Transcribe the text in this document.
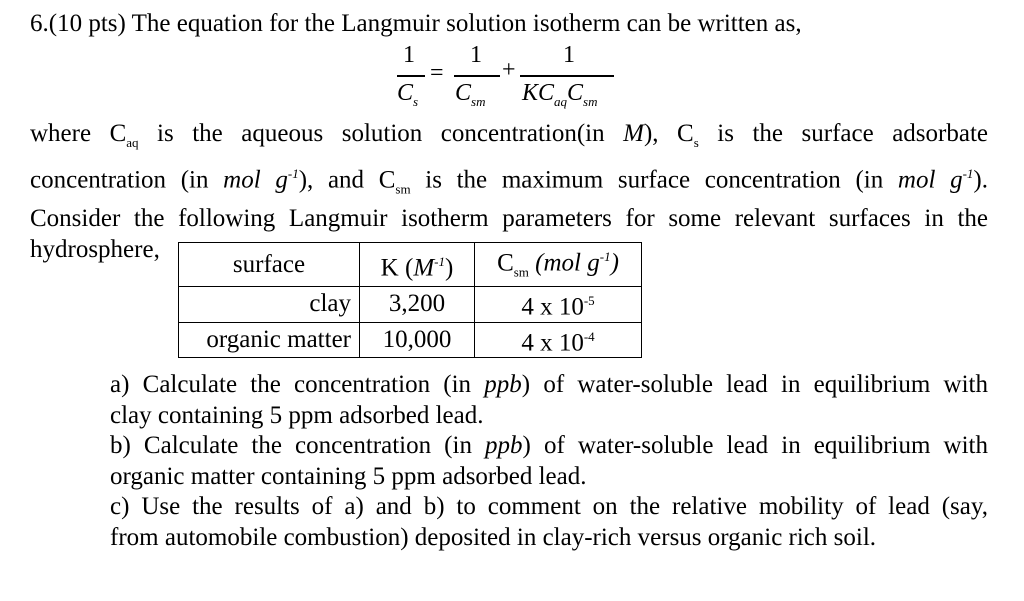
6.(10 pts) The equation for the Langmuir solution isotherm can be written as,
1
$C_s$
=
1
$C_{sm}$
+
1
$KC_{aq}C_{sm}$
where $C_{aq}$ is the aqueous solution concentration(in M), $C_s$ is the surface adsorbate
concentration (in mol $g^{-1}$), and $C_{sm}$ is the maximum surface concentration (in mol $g^{-1}$).
Consider the following Langmuir isotherm parameters for some relevant surfaces in the
hydrosphere,
surface	K $(M^{-1})$	$C_{sm}$ (mol $g^{-1}$)
clay	3,200	4 x $10^{-5}$
organic matter	10,000	4 x $10^{-4}$
a) Calculate the concentration (in ppb) of water-soluble lead in equilibrium with
clay containing 5 ppm adsorbed lead.
b) Calculate the concentration (in ppb) of water-soluble lead in equilibrium with
organic matter containing 5 ppm adsorbed lead.
c) Use the results of a) and b) to comment on the relative mobility of lead (say,
from automobile combustion) deposited in clay-rich versus organic rich soil.
